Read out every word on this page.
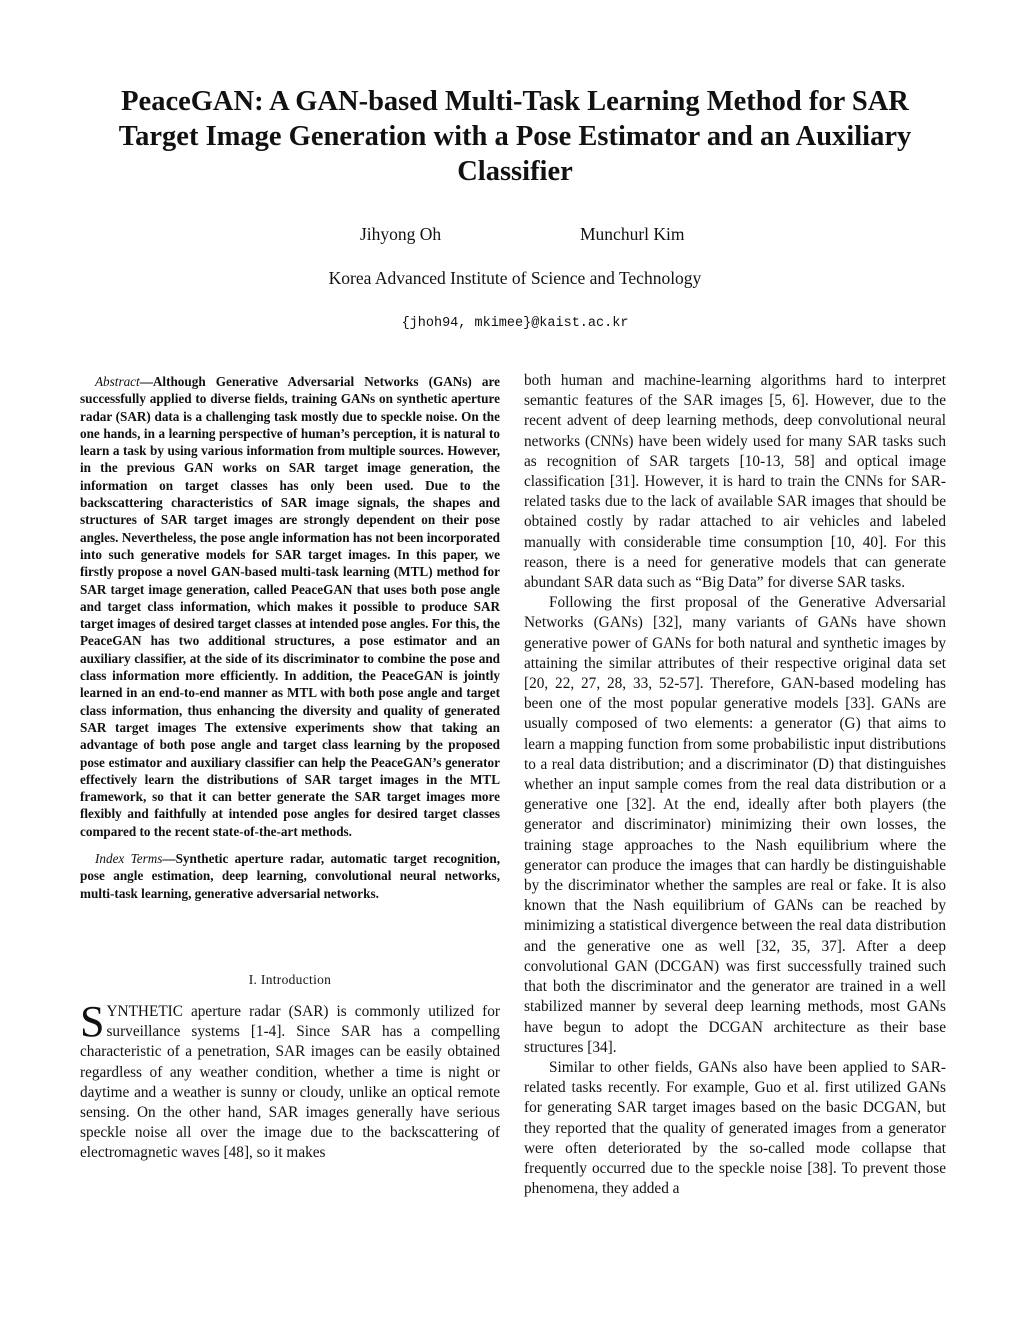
PeaceGAN: A GAN-based Multi-Task Learning Method for SAR Target Image Generation with a Pose Estimator and an Auxiliary Classifier
Jihyong Oh	Munchurl Kim
Korea Advanced Institute of Science and Technology
{jhoh94, mkimee}@kaist.ac.kr

Abstract—Although Generative Adversarial Networks (GANs) are successfully applied to diverse fields, training GANs on synthetic aperture radar (SAR) data is a challenging task mostly due to speckle noise. On the one hands, in a learning perspective of human’s perception, it is natural to learn a task by using various information from multiple sources. However, in the previous GAN works on SAR target image generation, the information on target classes has only been used. Due to the backscattering characteristics of SAR image signals, the shapes and structures of SAR target images are strongly dependent on their pose angles. Nevertheless, the pose angle information has not been incorporated into such generative models for SAR target images. In this paper, we firstly propose a novel GAN-based multi-task learning (MTL) method for SAR target image generation, called PeaceGAN that uses both pose angle and target class information, which makes it possible to produce SAR target images of desired target classes at intended pose angles. For this, the PeaceGAN has two additional structures, a pose estimator and an auxiliary classifier, at the side of its discriminator to combine the pose and class information more efficiently. In addition, the PeaceGAN is jointly learned in an end-to-end manner as MTL with both pose angle and target class information, thus enhancing the diversity and quality of generated SAR target images The extensive experiments show that taking an advantage of both pose angle and target class learning by the proposed pose estimator and auxiliary classifier can help the PeaceGAN’s generator effectively learn the distributions of SAR target images in the MTL framework, so that it can better generate the SAR target images more flexibly and faithfully at intended pose angles for desired target classes compared to the recent state-of-the-art methods.

Index Terms—Synthetic aperture radar, automatic target recognition, pose angle estimation, deep learning, convolutional neural networks, multi-task learning, generative adversarial networks.

I. Introduction

SYNTHETIC aperture radar (SAR) is commonly utilized for surveillance systems [1-4]. Since SAR has a compelling characteristic of a penetration, SAR images can be easily obtained regardless of any weather condition, whether a time is night or daytime and a weather is sunny or cloudy, unlike an optical remote sensing. On the other hand, SAR images generally have serious speckle noise all over the image due to the backscattering of electromagnetic waves [48], so it makes

both human and machine-learning algorithms hard to interpret semantic features of the SAR images [5, 6]. However, due to the recent advent of deep learning methods, deep convolutional neural networks (CNNs) have been widely used for many SAR tasks such as recognition of SAR targets [10-13, 58] and optical image classification [31]. However, it is hard to train the CNNs for SAR-related tasks due to the lack of available SAR images that should be obtained costly by radar attached to air vehicles and labeled manually with considerable time consumption [10, 40]. For this reason, there is a need for generative models that can generate abundant SAR data such as “Big Data” for diverse SAR tasks.

Following the first proposal of the Generative Adversarial Networks (GANs) [32], many variants of GANs have shown generative power of GANs for both natural and synthetic images by attaining the similar attributes of their respective original data set [20, 22, 27, 28, 33, 52-57]. Therefore, GAN-based modeling has been one of the most popular generative models [33]. GANs are usually composed of two elements: a generator (G) that aims to learn a mapping function from some probabilistic input distributions to a real data distribution; and a discriminator (D) that distinguishes whether an input sample comes from the real data distribution or a generative one [32]. At the end, ideally after both players (the generator and discriminator) minimizing their own losses, the training stage approaches to the Nash equilibrium where the generator can produce the images that can hardly be distinguishable by the discriminator whether the samples are real or fake. It is also known that the Nash equilibrium of GANs can be reached by minimizing a statistical divergence between the real data distribution and the generative one as well [32, 35, 37]. After a deep convolutional GAN (DCGAN) was first successfully trained such that both the discriminator and the generator are trained in a well stabilized manner by several deep learning methods, most GANs have begun to adopt the DCGAN architecture as their base structures [34].

Similar to other fields, GANs also have been applied to SAR-related tasks recently. For example, Guo et al. first utilized GANs for generating SAR target images based on the basic DCGAN, but they reported that the quality of generated images from a generator were often deteriorated by the so-called mode collapse that frequently occurred due to the speckle noise [38]. To prevent those phenomena, they added a
